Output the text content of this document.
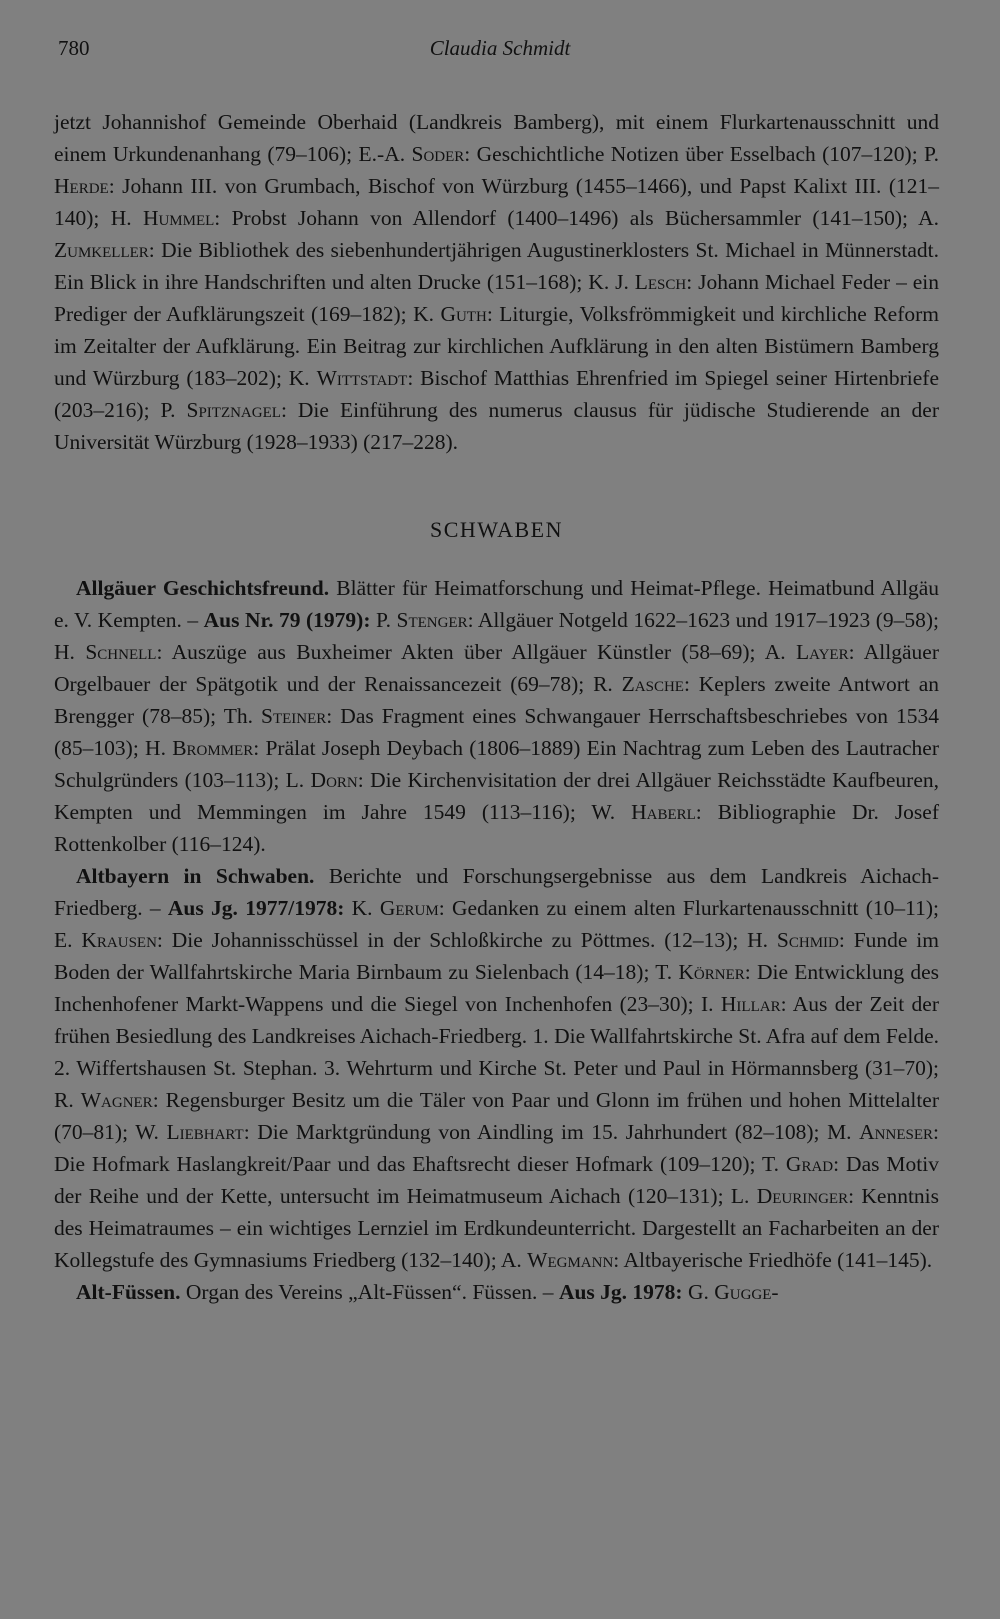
780	Claudia Schmidt

jetzt Johannishof Gemeinde Oberhaid (Landkreis Bamberg), mit einem Flurkartenausschnitt und einem Urkundenanhang (79–106); E.-A. Soder: Geschichtliche Notizen über Esselbach (107–120); P. Herde: Johann III. von Grumbach, Bischof von Würzburg (1455–1466), und Papst Kalixt III. (121–140); H. Hummel: Probst Johann von Allendorf (1400–1496) als Büchersammler (141–150); A. Zumkeller: Die Bibliothek des siebenhundertjährigen Augustinerklosters St. Michael in Münnerstadt. Ein Blick in ihre Handschriften und alten Drucke (151–168); K. J. Lesch: Johann Michael Feder – ein Prediger der Aufklärungszeit (169–182); K. Guth: Liturgie, Volksfrömmigkeit und kirchliche Reform im Zeitalter der Aufklärung. Ein Beitrag zur kirchlichen Aufklärung in den alten Bistümern Bamberg und Würzburg (183–202); K. Wittstadt: Bischof Matthias Ehrenfried im Spiegel seiner Hirtenbriefe (203–216); P. Spitznagel: Die Einführung des numerus clausus für jüdische Studierende an der Universität Würzburg (1928–1933) (217–228).

SCHWABEN

Allgäuer Geschichtsfreund. Blätter für Heimatforschung und Heimat-Pflege. Heimatbund Allgäu e. V. Kempten. – Aus Nr. 79 (1979): P. Stenger: Allgäuer Notgeld 1622–1623 und 1917–1923 (9–58); H. Schnell: Auszüge aus Buxheimer Akten über Allgäuer Künstler (58–69); A. Layer: Allgäuer Orgelbauer der Spätgotik und der Renaissancezeit (69–78); R. Zasche: Keplers zweite Antwort an Brengger (78–85); Th. Steiner: Das Fragment eines Schwangauer Herrschaftsbeschriebes von 1534 (85–103); H. Brommer: Prälat Joseph Deybach (1806–1889) Ein Nachtrag zum Leben des Lautracher Schulgründers (103–113); L. Dorn: Die Kirchenvisitation der drei Allgäuer Reichsstädte Kaufbeuren, Kempten und Memmingen im Jahre 1549 (113–116); W. Haberl: Bibliographie Dr. Josef Rottenkolber (116–124).

Altbayern in Schwaben. Berichte und Forschungsergebnisse aus dem Landkreis Aichach-Friedberg. – Aus Jg. 1977/1978: K. Gerum: Gedanken zu einem alten Flurkartenausschnitt (10–11); E. Krausen: Die Johannisschüssel in der Schloßkirche zu Pöttmes. (12–13); H. Schmid: Funde im Boden der Wallfahrtskirche Maria Birnbaum zu Sielenbach (14–18); T. Körner: Die Entwicklung des Inchenhofener Markt-Wappens und die Siegel von Inchenhofen (23–30); I. Hillar: Aus der Zeit der frühen Besiedlung des Landkreises Aichach-Friedberg. 1. Die Wallfahrtskirche St. Afra auf dem Felde. 2. Wiffertshausen St. Stephan. 3. Wehrturm und Kirche St. Peter und Paul in Hörmannsberg (31–70); R. Wagner: Regensburger Besitz um die Täler von Paar und Glonn im frühen und hohen Mittelalter (70–81); W. Liebhart: Die Marktgründung von Aindling im 15. Jahrhundert (82–108); M. Anneser: Die Hofmark Haslangkreit/Paar und das Ehaftsrecht dieser Hofmark (109–120); T. Grad: Das Motiv der Reihe und der Kette, untersucht im Heimatmuseum Aichach (120–131); L. Deuringer: Kenntnis des Heimatraumes – ein wichtiges Lernziel im Erdkundeunterricht. Dargestellt an Facharbeiten an der Kollegstufe des Gymnasiums Friedberg (132–140); A. Wegmann: Altbayerische Friedhöfe (141–145).

Alt-Füssen. Organ des Vereins „Alt-Füssen“. Füssen. – Aus Jg. 1978: G. Gugge-
